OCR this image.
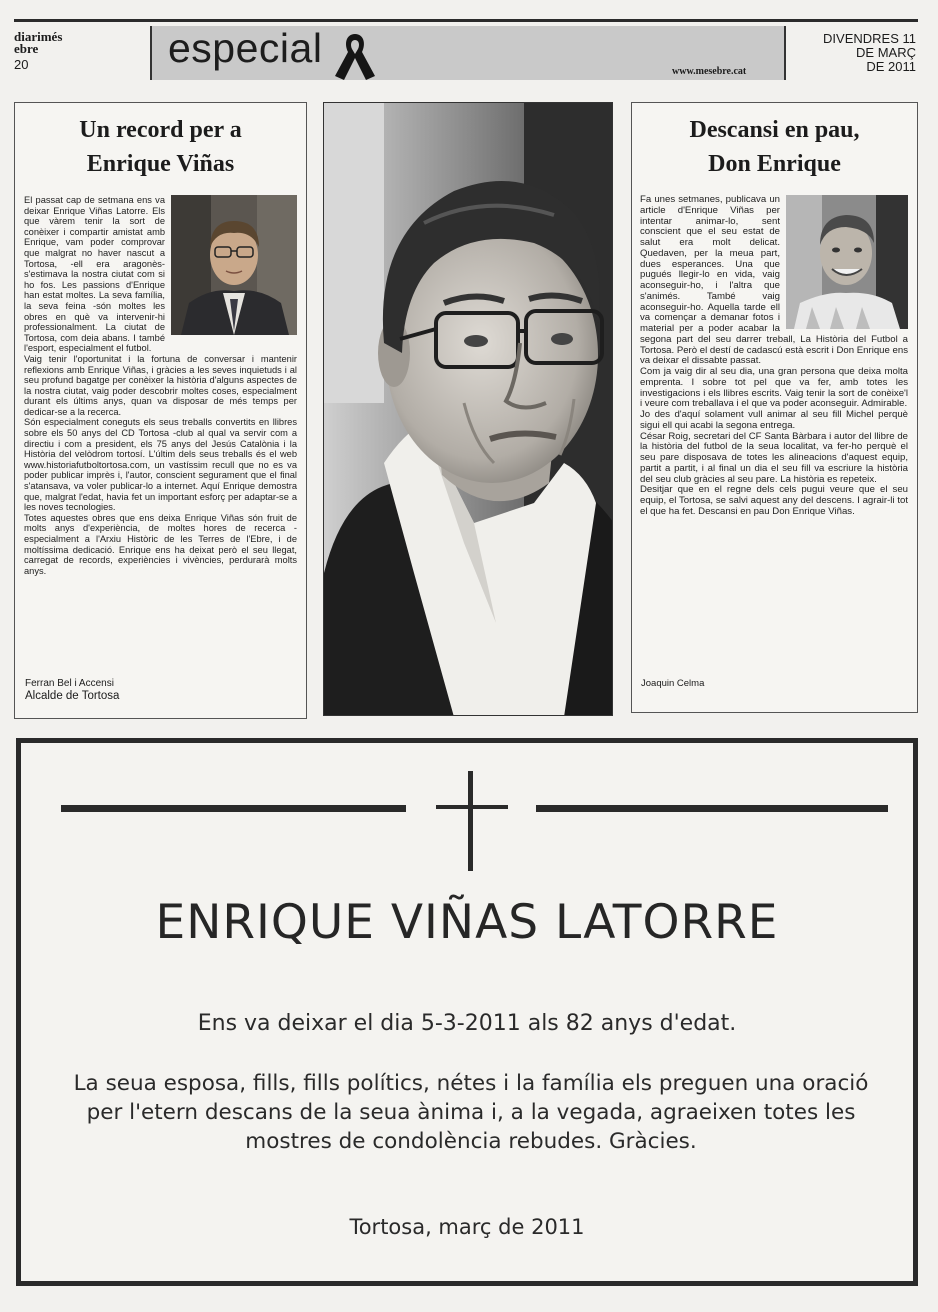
diarimés
ebre
20	especial
www.mesebre.cat
DIVENDRES 11
DE MARÇ
DE 2011
Un record per a
Enrique Viñas

El passat cap de setmana ens va deixar Enrique Viñas Latorre. Els que vàrem tenir la sort de conèixer i compartir amistat amb Enrique, vam poder comprovar que malgrat no haver nascut a Tortosa, -ell era aragonès- s'estimava la nostra ciutat com si ho fos. Les passions d'Enrique han estat moltes. La seva família, la seva feina -són moltes les obres en què va intervenir-hi professionalment. La ciutat de Tortosa, com deia abans. I també l'esport, especialment el futbol.

Vaig tenir l'oportunitat i la fortuna de conversar i mantenir reflexions amb Enrique Viñas, i gràcies a les seves inquietuds i al seu profund bagatge per conèixer la història d'alguns aspectes de la nostra ciutat, vaig poder descobrir moltes coses, especialment durant els últims anys, quan va disposar de més temps per dedicar-se a la recerca.

Són especialment coneguts els seus treballs convertits en llibres sobre els 50 anys del CD Tortosa -club al qual va servir com a directiu i com a president, els 75 anys del Jesús Catalònia i la Història del velòdrom tortosí. L'últim dels seus treballs és el web www.historiafutboltortosa.com, un vastíssim recull que no es va poder publicar imprès i, l'autor, conscient segurament que el final s'atansava, va voler publicar-lo a internet. Aquí Enrique demostra que, malgrat l'edat, havia fet un important esforç per adaptar-se a les noves tecnologies.

Totes aquestes obres que ens deixa Enrique Viñas són fruit de molts anys d'experiència, de moltes hores de recerca -especialment a l'Arxiu Històric de les Terres de l'Ebre, i de moltíssima dedicació. Enrique ens ha deixat però el seu llegat, carregat de records, experiències i vivències, perdurarà molts anys.

Ferran Bel i Accensi
Alcalde de Tortosa
Descansi en pau,
Don Enrique

Fa unes setmanes, publicava un article d'Enrique Viñas per intentar animar-lo, sent conscient que el seu estat de salut era molt delicat. Quedaven, per la meua part, dues esperances. Una que pugués llegir-lo en vida, vaig aconseguir-ho, i l'altra que s'animés. També vaig aconseguir-ho. Aquella tarde ell va començar a demanar fotos i material per a poder acabar la segona part del seu darrer treball, La Història del Futbol a Tortosa. Però el destí de cadascú està escrit i Don Enrique ens va deixar el dissabte passat.

Com ja vaig dir al seu dia, una gran persona que deixa molta emprenta. I sobre tot pel que va fer, amb totes les investigacions i els llibres escrits. Vaig tenir la sort de conèixe'l i veure com treballava i el que va poder aconseguir. Admirable.

Jo des d'aquí solament vull animar al seu fill Michel perquè sigui ell qui acabi la segona entrega.

César Roig, secretari del CF Santa Bàrbara i autor del llibre de la història del futbol de la seua localitat, va fer-ho perquè el seu pare disposava de totes les alineacions d'aquest equip, partit a partit, i al final un dia el seu fill va escriure la història del seu club gràcies al seu pare. La història es repeteix.

Desitjar que en el regne dels cels pugui veure que el seu equip, el Tortosa, se salvi aquest any del descens. I agrair-li tot el que ha fet. Descansi en pau Don Enrique Viñas.

Joaquin Celma
ENRIQUE VIÑAS LATORRE
Ens va deixar el dia 5-3-2011 als 82 anys d'edat.
La seua esposa, fills, fills polítics, nétes i la família els preguen una oració per l'etern descans de la seua ànima i, a la vegada, agraeixen totes les mostres de condolència rebudes. Gràcies.
Tortosa, març de 2011
